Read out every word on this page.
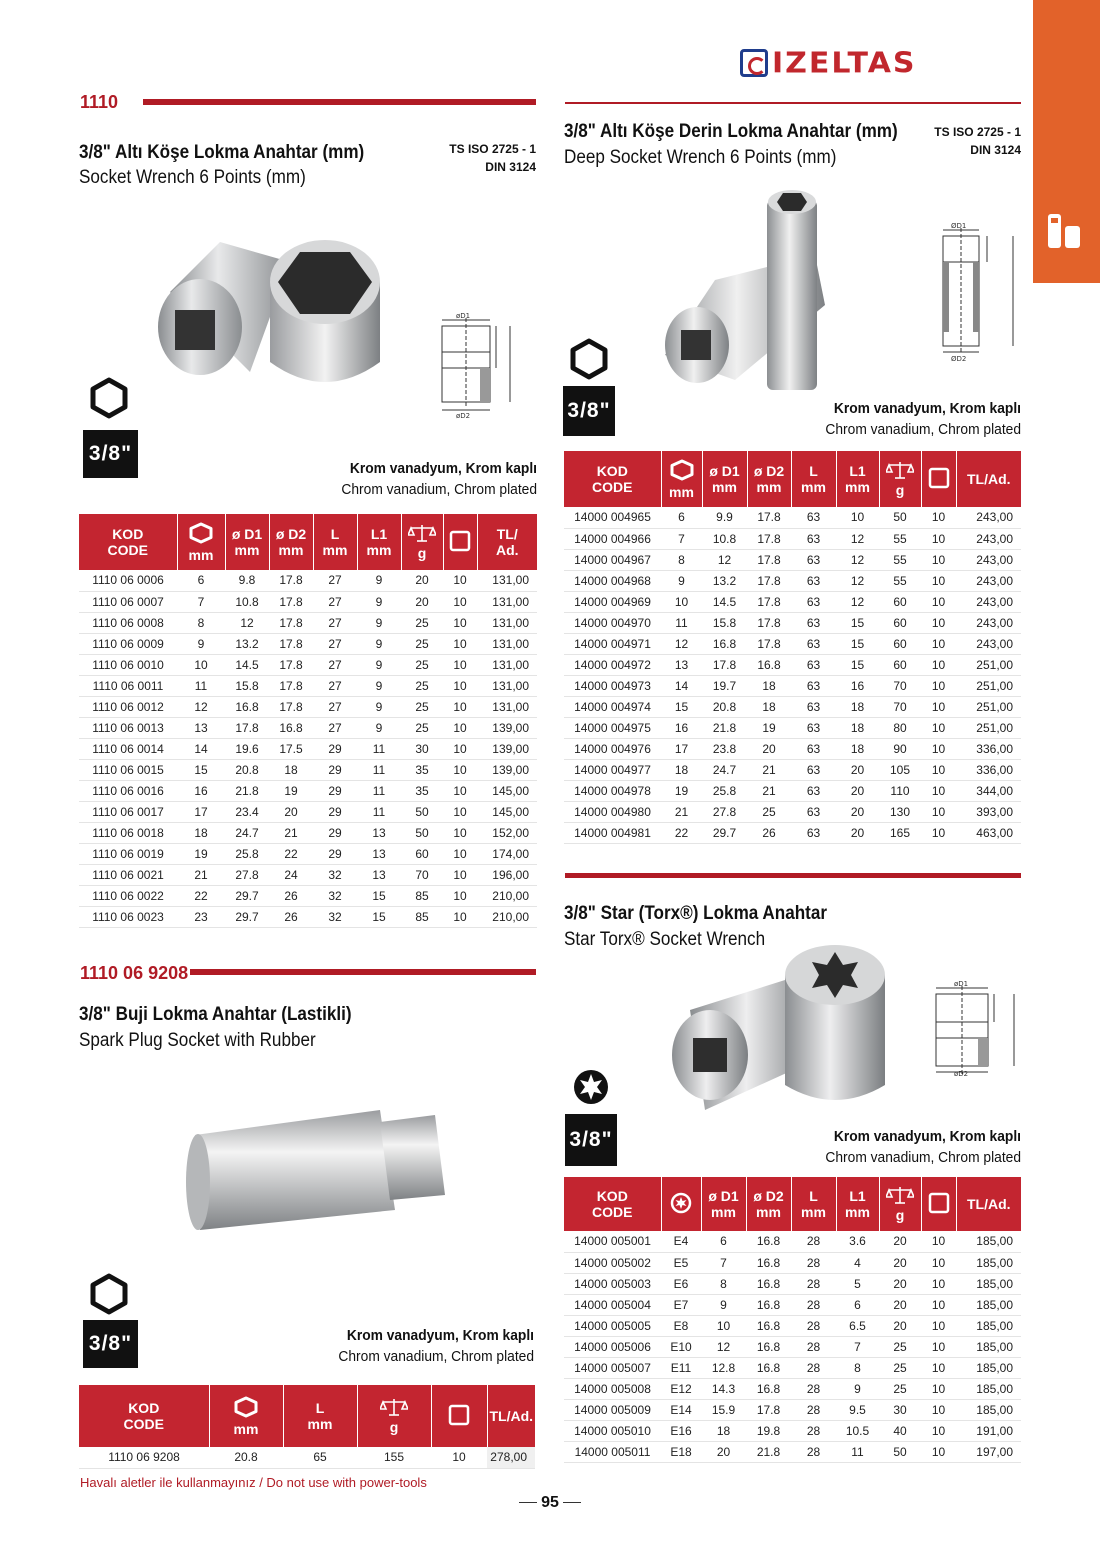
IZELTAS
1110
3/8" Altı Köşe Lokma Anahtar (mm)
Socket Wrench 6 Points (mm)
TS ISO 2725 - 1
DIN 3124
øD1
øD2
3/8"
Krom vanadyum, Krom kaplı
Chrom vanadium, Chrom plated
KOD
CODE	mm	ø D1
mm	ø D2
mm	L
mm	L1
mm	g		TL/
Ad.

1110 06 0006	6	9.8	17.8	27	9	20	10	131,00
1110 06 0007	7	10.8	17.8	27	9	20	10	131,00
1110 06 0008	8	12	17.8	27	9	25	10	131,00
1110 06 0009	9	13.2	17.8	27	9	25	10	131,00
1110 06 0010	10	14.5	17.8	27	9	25	10	131,00
1110 06 0011	11	15.8	17.8	27	9	25	10	131,00
1110 06 0012	12	16.8	17.8	27	9	25	10	131,00
1110 06 0013	13	17.8	16.8	27	9	25	10	139,00
1110 06 0014	14	19.6	17.5	29	11	30	10	139,00
1110 06 0015	15	20.8	18	29	11	35	10	139,00
1110 06 0016	16	21.8	19	29	11	35	10	145,00
1110 06 0017	17	23.4	20	29	11	50	10	145,00
1110 06 0018	18	24.7	21	29	13	50	10	152,00
1110 06 0019	19	25.8	22	29	13	60	10	174,00
1110 06 0021	21	27.8	24	32	13	70	10	196,00
1110 06 0022	22	29.7	26	32	15	85	10	210,00
1110 06 0023	23	29.7	26	32	15	85	10	210,00
3/8" Altı Köşe Derin Lokma Anahtar (mm)
Deep Socket Wrench 6 Points (mm)
TS ISO 2725 - 1
DIN 3124
ØD1
ØD2
3/8"	Krom vanadyum, Krom kaplı
Chrom vanadium, Chrom plated
KOD
CODE	mm	ø D1
mm	ø D2
mm	L
mm	L1
mm	g		TL/Ad.

14000 004965	6	9.9	17.8	63	10	50	10	243,00
14000 004966	7	10.8	17.8	63	12	55	10	243,00
14000 004967	8	12	17.8	63	12	55	10	243,00
14000 004968	9	13.2	17.8	63	12	55	10	243,00
14000 004969	10	14.5	17.8	63	12	60	10	243,00
14000 004970	11	15.8	17.8	63	15	60	10	243,00
14000 004971	12	16.8	17.8	63	15	60	10	243,00
14000 004972	13	17.8	16.8	63	15	60	10	251,00
14000 004973	14	19.7	18	63	16	70	10	251,00
14000 004974	15	20.8	18	63	18	70	10	251,00
14000 004975	16	21.8	19	63	18	80	10	251,00
14000 004976	17	23.8	20	63	18	90	10	336,00
14000 004977	18	24.7	21	63	20	105	10	336,00
14000 004978	19	25.8	21	63	20	110	10	344,00
14000 004980	21	27.8	25	63	20	130	10	393,00
14000 004981	22	29.7	26	63	20	165	10	463,00
1110 06 9208
3/8" Buji Lokma Anahtar (Lastikli)
Spark Plug Socket with Rubber
3/8"	Krom vanadyum, Krom kaplı
Chrom vanadium, Chrom plated
KOD
CODE	mm	L
mm	g		TL/Ad.

1110 06 9208	20.8	65	155	10	278,00
3/8" Star (Torx®) Lokma Anahtar
Star Torx® Socket Wrench
øD1
øD2
3/8"	Krom vanadyum, Krom kaplı
Chrom vanadium, Chrom plated
KOD
CODE		ø D1
mm	ø D2
mm	L
mm	L1
mm	g		TL/Ad.

14000 005001	E4	6	16.8	28	3.6	20	10	185,00
14000 005002	E5	7	16.8	28	4	20	10	185,00
14000 005003	E6	8	16.8	28	5	20	10	185,00
14000 005004	E7	9	16.8	28	6	20	10	185,00
14000 005005	E8	10	16.8	28	6.5	20	10	185,00
14000 005006	E10	12	16.8	28	7	25	10	185,00
14000 005007	E11	12.8	16.8	28	8	25	10	185,00
14000 005008	E12	14.3	16.8	28	9	25	10	185,00
14000 005009	E14	15.9	17.8	28	9.5	30	10	185,00
14000 005010	E16	18	19.8	28	10.5	40	10	191,00
14000 005011	E18	20	21.8	28	11	50	10	197,00
Havalı aletler ile kullanmayınız / Do not use with power-tools
95
